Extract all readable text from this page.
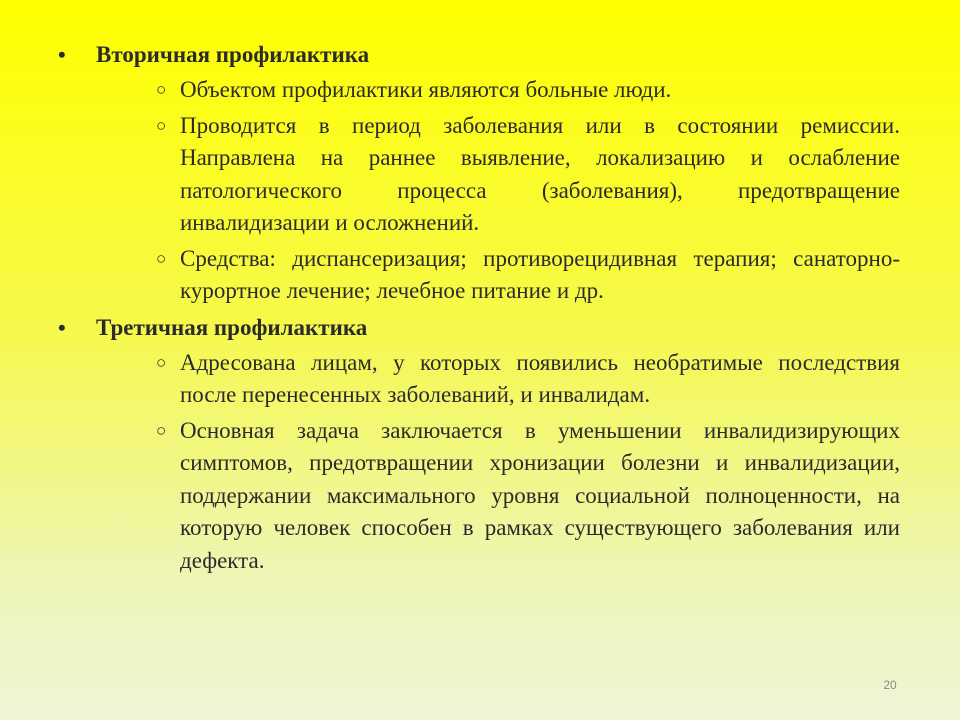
•	Вторичная профилактика
○ Объектом профилактики являются больные люди.
○ Проводится в период заболевания или в состоянии ремиссии. Направлена на раннее выявление, локализацию и ослабление патологического процесса (заболевания), предотвращение инвалидизации и осложнений.
○ Средства: диспансеризация; противорецидивная терапия; санаторно-курортное лечение; лечебное питание и др.
•	Третичная профилактика
○ Адресована лицам, у которых появились необратимые последствия после перенесенных заболеваний, и инвалидам.
○ Основная задача заключается в уменьшении инвалидизирующих симптомов, предотвращении хронизации болезни и инвалидизации, поддержании максимального уровня социальной полноценности, на которую человек способен в рамках существующего заболевания или дефекта.
20
